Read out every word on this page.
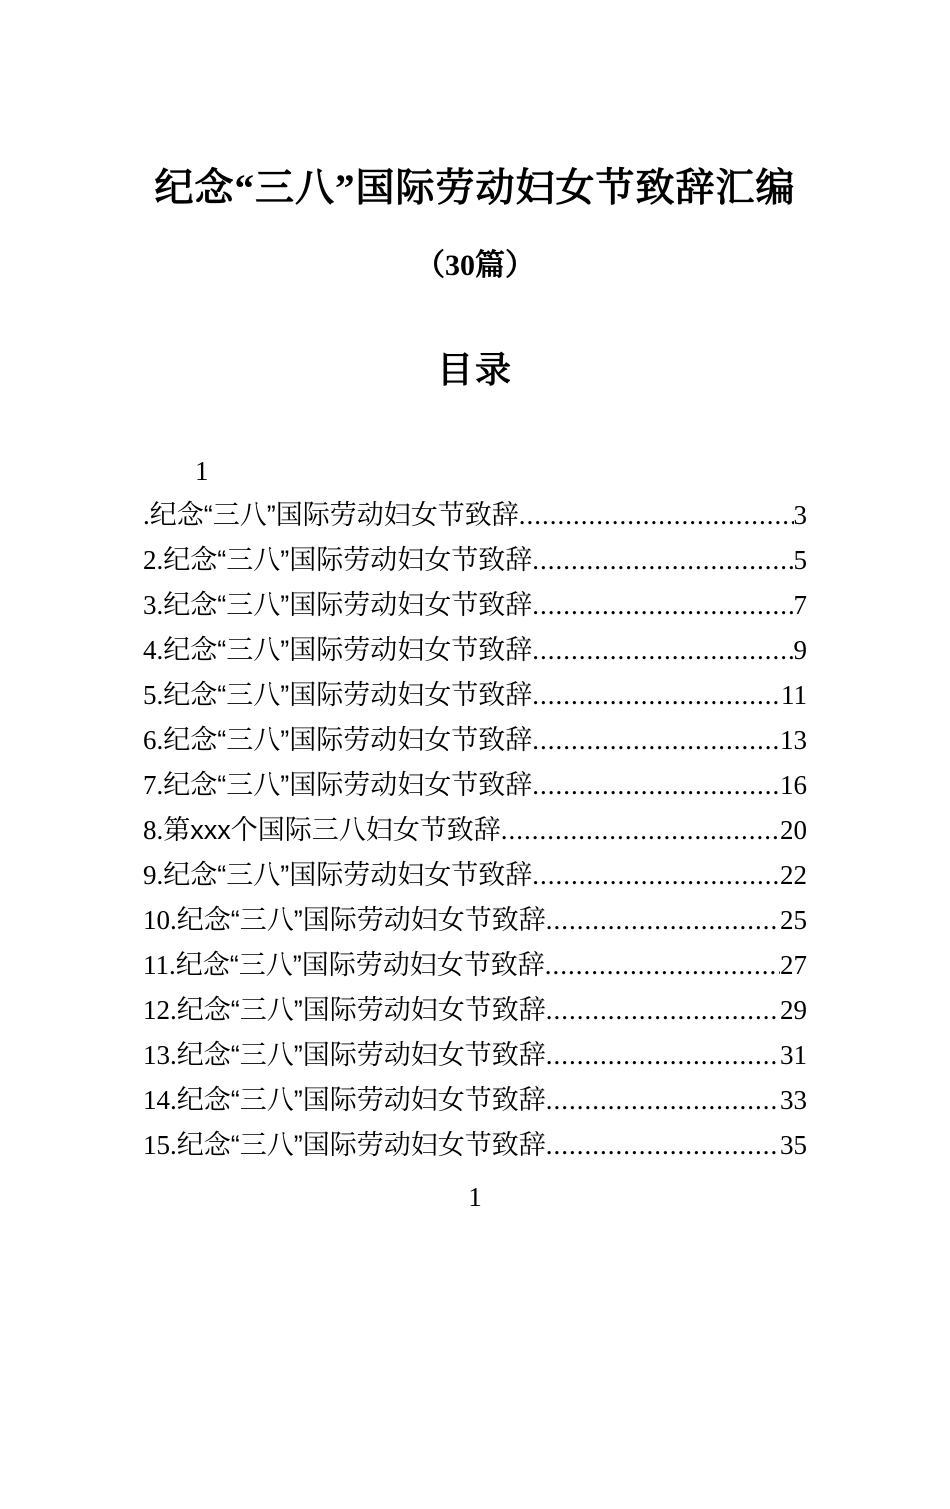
纪念“三八”国际劳动妇女节致辞汇编
（30篇）
目录
1
. 纪念“三八”国际劳动妇女节致辞 .....	3
2. 纪念“三八”国际劳动妇女节致辞 .....	5
3. 纪念“三八”国际劳动妇女节致辞 .....	7
4. 纪念“三八”国际劳动妇女节致辞 .....	9
5. 纪念“三八”国际劳动妇女节致辞 .....	11
6. 纪念“三八”国际劳动妇女节致辞 .....	13
7. 纪念“三八”国际劳动妇女节致辞 .....	16
8. 第xxx个国际三八妇女节致辞 .....	20
9. 纪念“三八”国际劳动妇女节致辞 .....	22
10. 纪念“三八”国际劳动妇女节致辞 .....	25
11. 纪念“三八”国际劳动妇女节致辞 .....	27
12. 纪念“三八”国际劳动妇女节致辞 .....	29
13. 纪念“三八”国际劳动妇女节致辞 .....	31
14. 纪念“三八”国际劳动妇女节致辞 .....	33
15. 纪念“三八”国际劳动妇女节致辞 .....	35
1
